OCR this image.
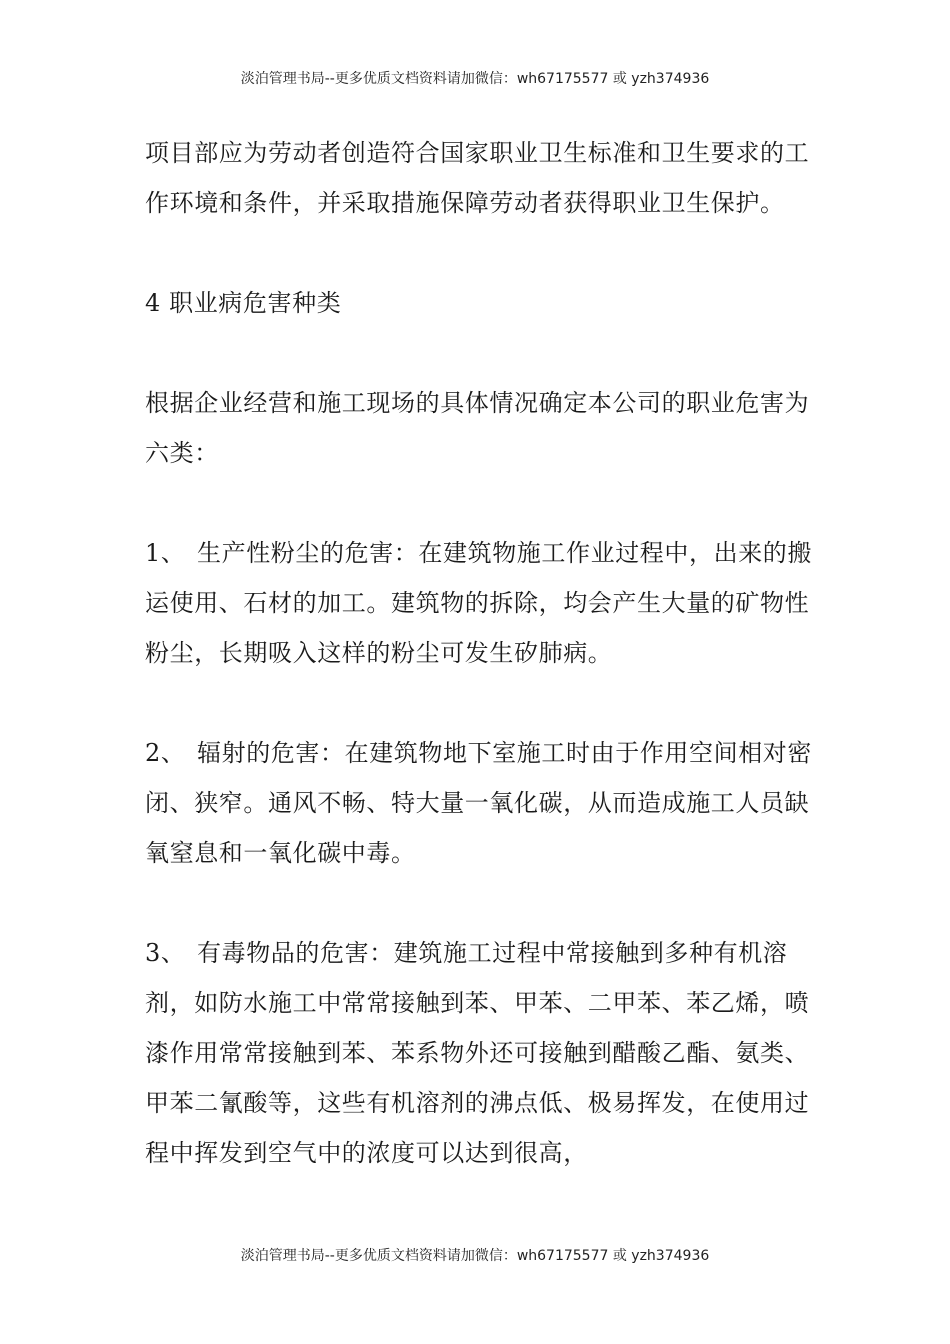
淡泊管理书局--更多优质文档资料请加微信：wh67175577 或 yzh374936

项目部应为劳动者创造符合国家职业卫生标准和卫生要求的工作环境和条件，并采取措施保障劳动者获得职业卫生保护。

4 职业病危害种类

根据企业经营和施工现场的具体情况确定本公司的职业危害为六类：

1、 生产性粉尘的危害：在建筑物施工作业过程中，出来的搬运使用、石材的加工。建筑物的拆除，均会产生大量的矿物性粉尘，长期吸入这样的粉尘可发生矽肺病。

2、 辐射的危害：在建筑物地下室施工时由于作用空间相对密闭、狭窄。通风不畅、特大量一氧化碳，从而造成施工人员缺氧窒息和一氧化碳中毒。

3、 有毒物品的危害：建筑施工过程中常接触到多种有机溶剂，如防水施工中常常接触到苯、甲苯、二甲苯、苯乙烯，喷漆作用常常接触到苯、苯系物外还可接触到醋酸乙酯、氨类、甲苯二氰酸等，这些有机溶剂的沸点低、极易挥发，在使用过程中挥发到空气中的浓度可以达到很高，

淡泊管理书局--更多优质文档资料请加微信：wh67175577 或 yzh374936
